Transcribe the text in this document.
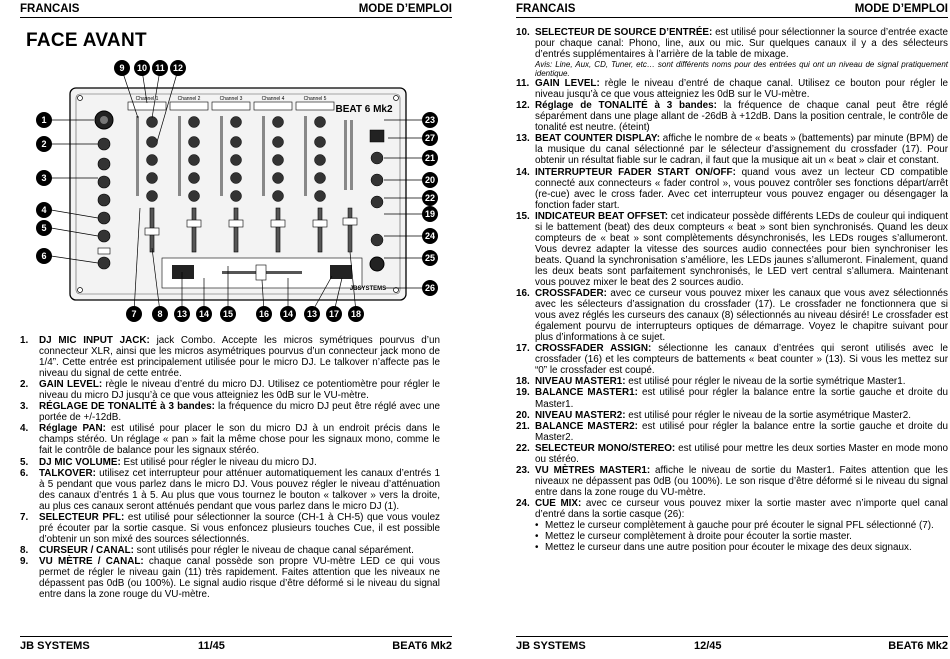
FRANCAIS	MODE D’EMPLOI
FACE AVANT
Channel 1	Channel 2	Channel 3	Channel 4	Channel 5
BEAT 6 Mk2
JBSYSTEMS
9 10 11 12
1
2
3
4
5
6
7 8 13 14 15	16 14 13 17 18
23
27
21
20
22
19
24
25
26
1.	DJ MIC INPUT JACK: jack Combo. Accepte les micros symétriques pourvus d’un connecteur XLR, ainsi que les micros asymétriques pourvus d’un connecteur jack mono de 1/4”. Cette entrée est principalement utilisée pour le micro DJ. Le talkover n’affecte pas le niveau du signal de cette entrée.
2.	GAIN LEVEL: règle le niveau d’entré du micro DJ. Utilisez ce potentiomètre pour régler le niveau du micro DJ jusqu’à ce que vous atteigniez les 0dB sur le VU-mètre.
3.	RÉGLAGE DE TONALITÉ à 3 bandes: la fréquence du micro DJ peut être réglé avec une portée de +/-12dB.
4.	Réglage PAN: est utilisé pour placer le son du micro DJ à un endroit précis dans le champs stéréo. Un réglage « pan » fait la même chose pour les signaux mono, comme le fait le contrôle de balance pour les signaux stéréo.
5.	DJ MIC VOLUME: Est utilisé pour régler le niveau du micro DJ.
6.	TALKOVER: utilisez cet interrupteur pour atténuer automatiquement les canaux d’entrés 1 à 5 pendant que vous parlez dans le micro DJ. Vous pouvez régler le niveau d’atténuation des canaux d’entrés 1 à 5. Au plus que vous tournez le bouton « talkover » vers la droite, au plus ces canaux seront atténués pendant que vous parlez dans le micro DJ (1).
7.	SELECTEUR PFL: est utilisé pour sélectionner la source (CH-1 à CH-5) que vous voulez pré écouter par la sortie casque. Si vous enfoncez plusieurs touches Cue, il est possible d’obtenir un son mixé des sources sélectionnés.
8.	CURSEUR / CANAL: sont utilisés pour régler le niveau de chaque canal séparément.
9.	VU MÈTRE / CANAL: chaque canal possède son propre VU-mètre LED ce qui vous permet de régler le niveau gain (11) très rapidement. Faites attention que les niveaux ne dépassent pas 0dB (ou 100%). Le signal audio risque d’être déformé si le niveau du signal entre dans la zone rouge du VU-mètre.
JB SYSTEMS	11/45	BEAT6 Mk2
FRANCAIS	MODE D’EMPLOI
10. SELECTEUR DE SOURCE D’ENTRÉE: est utilisé pour sélectionner la source d’entrée exacte pour chaque canal: Phono, line, aux ou mic. Sur quelques canaux il y a des sélecteurs d’entrés supplémentaires à l’arrière de la table de mixage.
Avis: Line, Aux, CD, Tuner, etc… sont différents noms pour des entrées qui ont un niveau de signal pratiquement identique.
11. GAIN LEVEL: règle le niveau d’entré de chaque canal. Utilisez ce bouton pour régler le niveau jusqu’à ce que vous atteigniez les 0dB sur le VU-mètre.
12. Réglage de TONALITÉ à 3 bandes: la fréquence de chaque canal peut être réglé séparément dans une plage allant de -26dB à +12dB. Dans la position centrale, le contrôle de tonalité est neutre. (éteint)
13. BEAT COUNTER DISPLAY: affiche le nombre de « beats » (battements) par minute (BPM) de la musique du canal sélectionné par le sélecteur d’assignement du crossfader (17). Pour obtenir un résultat fiable sur le cadran, il faut que la musique ait un « beat » clair et constant.
14. INTERRUPTEUR FADER START ON/OFF: quand vous avez un lecteur CD compatible connecté aux connecteurs « fader control », vous pouvez contrôler ses fonctions départ/arrêt (re-cue) avec le cross fader. Avec cet interrupteur vous pouvez engager ou désengager la fonction fader start.
15. INDICATEUR BEAT OFFSET: cet indicateur possède différents LEDs de couleur qui indiquent si le battement (beat) des deux compteurs « beat » sont bien synchronisés. Quand les deux compteurs de « beat » sont complètements désynchronisés, les LEDs rouges s’allumeront. Vous devrez adapter la vitesse des sources audio connectées pour bien synchroniser les beats. Quand la synchronisation s’améliore, les LEDs jaunes s’allumeront. Finalement, quand les deux beats sont parfaitement synchronisés, le LED vert central s’allumera. Maintenant vous pouvez mixer le beat des 2 sources audio.
16. CROSSFADER: avec ce curseur vous pouvez mixer les canaux que vous avez sélectionnés avec les sélecteurs d’assignation du crossfader (17). Le crossfader ne fonctionnera que si vous avez réglés les curseurs des canaux (8) sélectionnés au niveau désiré! Le crossfader est également pourvu de interrupteurs optiques de démarrage. Voyez le chapitre suivant pour plus d’informations à ce sujet.
17. CROSSFADER ASSIGN: sélectionne les canaux d’entrées qui seront utilisés avec le crossfader (16) et les compteurs de battements « beat counter » (13). Si vous les mettez sur “0” le crossfader est coupé.
18. NIVEAU MASTER1: est utilisé pour régler le niveau de la sortie symétrique Master1.
19. BALANCE MASTER1: est utilisé pour régler la balance entre la sortie gauche et droite du Master1.
20. NIVEAU MASTER2: est utilisé pour régler le niveau de la sortie asymétrique Master2.
21. BALANCE MASTER2: est utilisé pour régler la balance entre la sortie gauche et droite du Master2.
22. SELECTEUR MONO/STEREO: est utilisé pour mettre les deux sorties Master en mode mono ou stéréo.
23. VU MÈTRES MASTER1: affiche le niveau de sortie du Master1. Faites attention que les niveaux ne dépassent pas 0dB (ou 100%). Le son risque d’être déformé si le niveau du signal entre dans la zone rouge du VU-mètre.
24. CUE MIX: avec ce curseur vous pouvez mixer la sortie master avec n’importe quel canal d’entré dans la sortie casque (26):
• Mettez le curseur complètement à gauche pour pré écouter le signal PFL sélectionné (7).
• Mettez le curseur complètement à droite pour écouter la sortie master.
• Mettez le curseur dans une autre position pour écouter le mixage des deux signaux.
JB SYSTEMS	12/45	BEAT6 Mk2
